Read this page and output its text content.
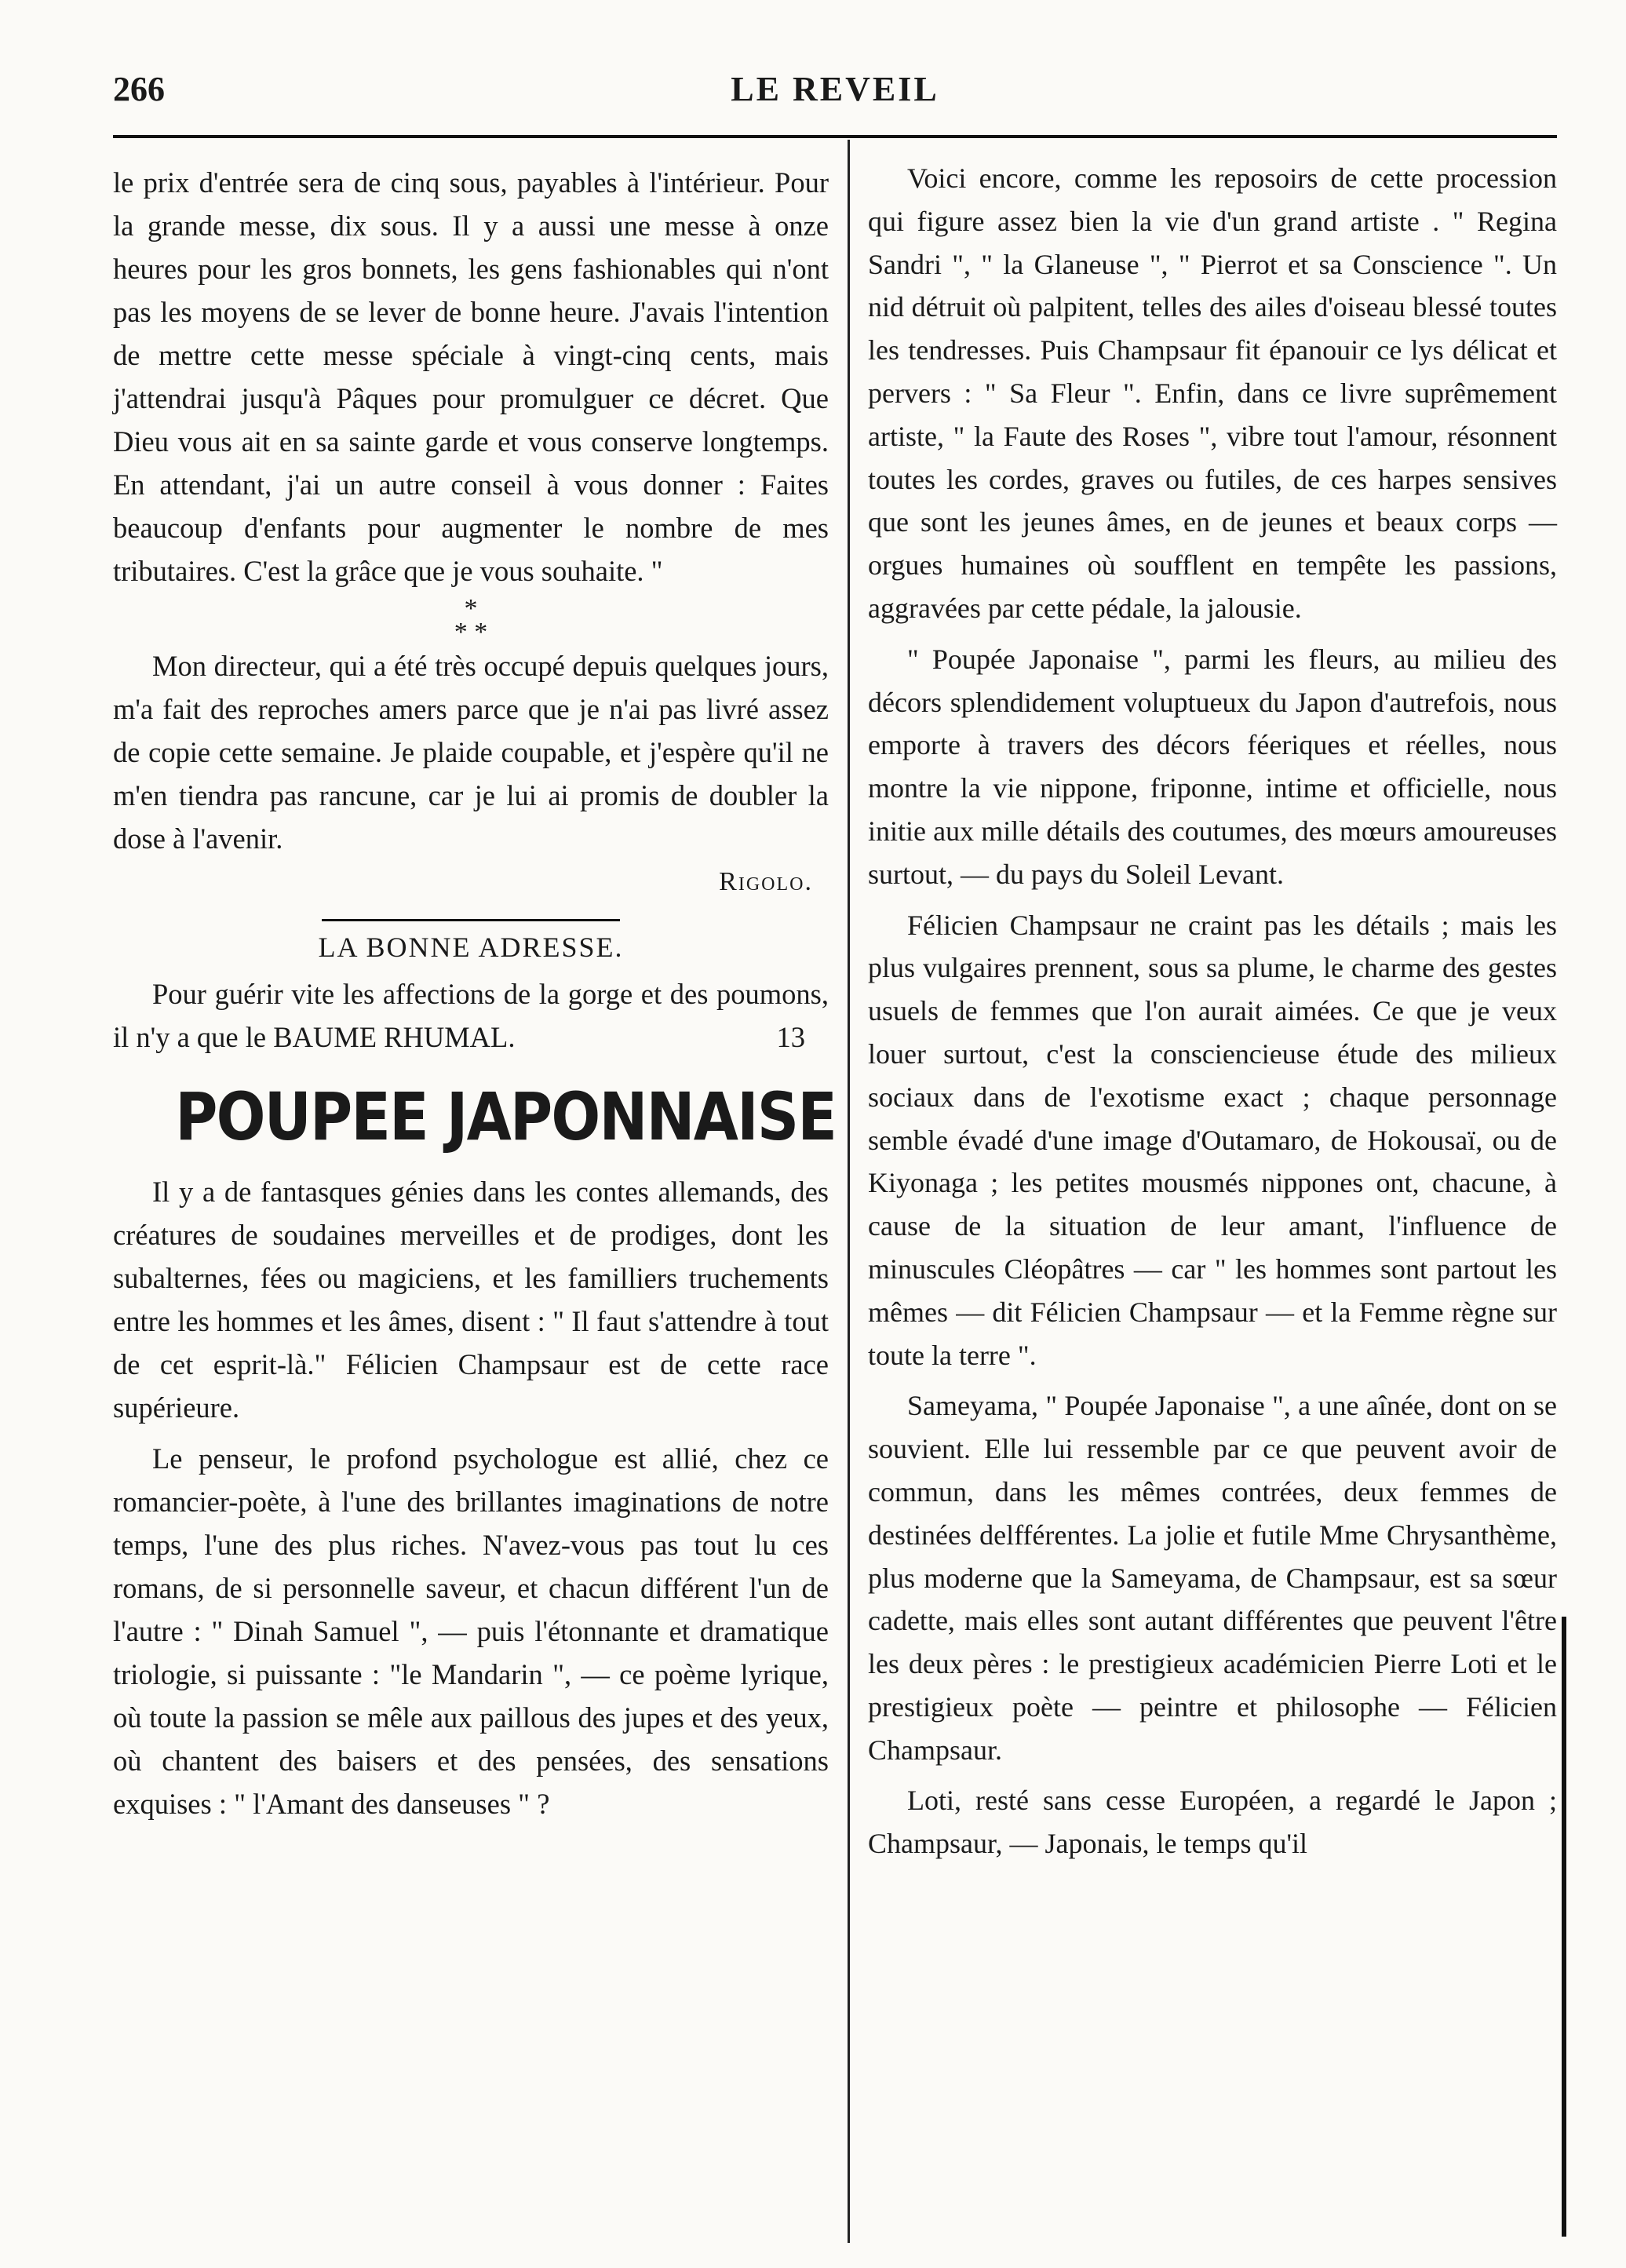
266	LE REVEIL

le prix d'entrée sera de cinq sous, payables à l'intérieur. Pour la grande messe, dix sous. Il y a aussi une messe à onze heures pour les gros bonnets, les gens fashionables qui n'ont pas les moyens de se lever de bonne heure. J'avais l'intention de mettre cette messe spéciale à vingt-cinq cents, mais j'attendrai jusqu'à Pâques pour promulguer ce décret. Que Dieu vous ait en sa sainte garde et vous conserve longtemps. En attendant, j'ai un autre conseil à vous donner : Faites beaucoup d'enfants pour augmenter le nombre de mes tributaires. C'est la grâce que je vous souhaite. "

*
* *

Mon directeur, qui a été très occupé depuis quelques jours, m'a fait des reproches amers parce que je n'ai pas livré assez de copie cette semaine. Je plaide coupable, et j'espère qu'il ne m'en tiendra pas rancune, car je lui ai promis de doubler la dose à l'avenir.

Rigolo.
LA BONNE ADRESSE.

Pour guérir vite les affections de la gorge et des poumons, il n'y a que le BAUME RHUMAL.	13

POUPEE JAPONNAISE

Il y a de fantasques génies dans les contes allemands, des créatures de soudaines merveilles et de prodiges, dont les subalternes, fées ou magiciens, et les familliers truchements entre les hommes et les âmes, disent : " Il faut s'attendre à tout de cet esprit-là." Félicien Champsaur est de cette race supérieure.

Le penseur, le profond psychologue est allié, chez ce romancier-poète, à l'une des brillantes imaginations de notre temps, l'une des plus riches. N'avez-vous pas tout lu ces romans, de si personnelle saveur, et chacun différent l'un de l'autre : " Dinah Samuel ", — puis l'étonnante et dramatique triologie, si puissante : "le Mandarin ", — ce poème lyrique, où toute la passion se mêle aux paillous des jupes et des yeux, où chantent des baisers et des pensées, des sensations exquises : " l'Amant des danseuses " ?

Voici encore, comme les reposoirs de cette procession qui figure assez bien la vie d'un grand artiste . " Regina Sandri ", " la Glaneuse ", " Pierrot et sa Conscience ". Un nid détruit où palpitent, telles des ailes d'oiseau blessé toutes les tendresses. Puis Champsaur fit épanouir ce lys délicat et pervers : " Sa Fleur ". Enfin, dans ce livre suprêmement artiste, " la Faute des Roses ", vibre tout l'amour, résonnent toutes les cordes, graves ou futiles, de ces harpes sensives que sont les jeunes âmes, en de jeunes et beaux corps — orgues humaines où soufflent en tempête les passions, aggravées par cette pédale, la jalousie.

" Poupée Japonaise ", parmi les fleurs, au milieu des décors splendidement voluptueux du Japon d'autrefois, nous emporte à travers des décors féeriques et réelles, nous montre la vie nippone, friponne, intime et officielle, nous initie aux mille détails des coutumes, des mœurs amoureuses surtout, — du pays du Soleil Levant.

Félicien Champsaur ne craint pas les détails ; mais les plus vulgaires prennent, sous sa plume, le charme des gestes usuels de femmes que l'on aurait aimées. Ce que je veux louer surtout, c'est la consciencieuse étude des milieux sociaux dans de l'exotisme exact ; chaque personnage semble évadé d'une image d'Outamaro, de Hokousaï, ou de Kiyonaga ; les petites mousmés nippones ont, chacune, à cause de la situation de leur amant, l'influence de minuscules Cléopâtres — car " les hommes sont partout les mêmes — dit Félicien Champsaur — et la Femme règne sur toute la terre ".

Sameyama, " Poupée Japonaise ", a une aînée, dont on se souvient. Elle lui ressemble par ce que peuvent avoir de commun, dans les mêmes contrées, deux femmes de destinées delfférentes. La jolie et futile Mme Chrysanthème, plus moderne que la Sameyama, de Champsaur, est sa sœur cadette, mais elles sont autant différentes que peuvent l'être les deux pères : le prestigieux académicien Pierre Loti et le prestigieux poète — peintre et philosophe — Félicien Champsaur.

Loti, resté sans cesse Européen, a regardé le Japon ; Champsaur, — Japonais, le temps qu'il
